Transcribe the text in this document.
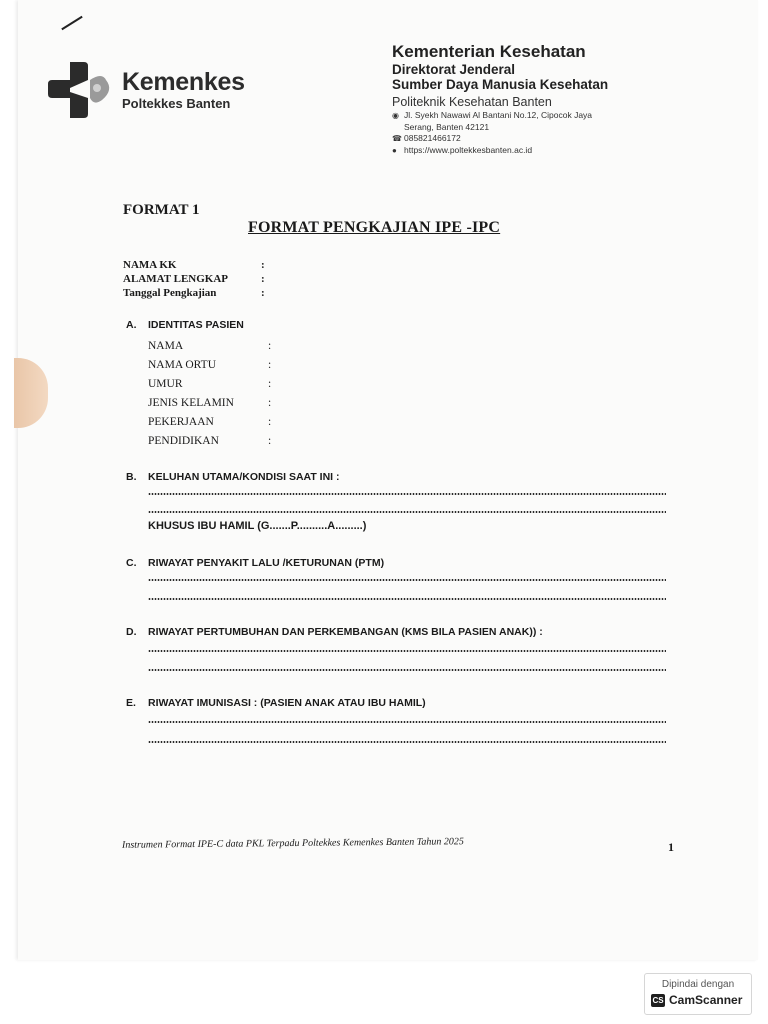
Kemenkes
Poltekkes Banten
Kementerian Kesehatan
Direktorat Jenderal
Sumber Daya Manusia Kesehatan
Politeknik Kesehatan Banten
◉ Jl. Syekh Nawawi Al Bantani No.12, Cipocok Jaya
Serang, Banten 42121
☎ 085821466172
● https://www.poltekkesbanten.ac.id
FORMAT 1
FORMAT PENGKAJIAN IPE -IPC
NAMA KK	:
ALAMAT LENGKAP	:
Tanggal Pengkajian	:
A. IDENTITAS PASIEN
NAMA	:
NAMA ORTU	:
UMUR	:
JENIS KELAMIN	:
PEKERJAAN	:
PENDIDIKAN	:
B. KELUHAN UTAMA/KONDISI SAAT INI :
KHUSUS IBU HAMIL (G.......P..........A.........)
C. RIWAYAT PENYAKIT LALU /KETURUNAN (PTM)
D. RIWAYAT PERTUMBUHAN DAN PERKEMBANGAN (KMS BILA PASIEN ANAK)) :
E. RIWAYAT IMUNISASI : (PASIEN ANAK ATAU IBU HAMIL)
Instrumen Format IPE-C data PKL Terpadu Poltekkes Kemenkes Banten Tahun 2025	1
Dipindai dengan
CS CamScanner
